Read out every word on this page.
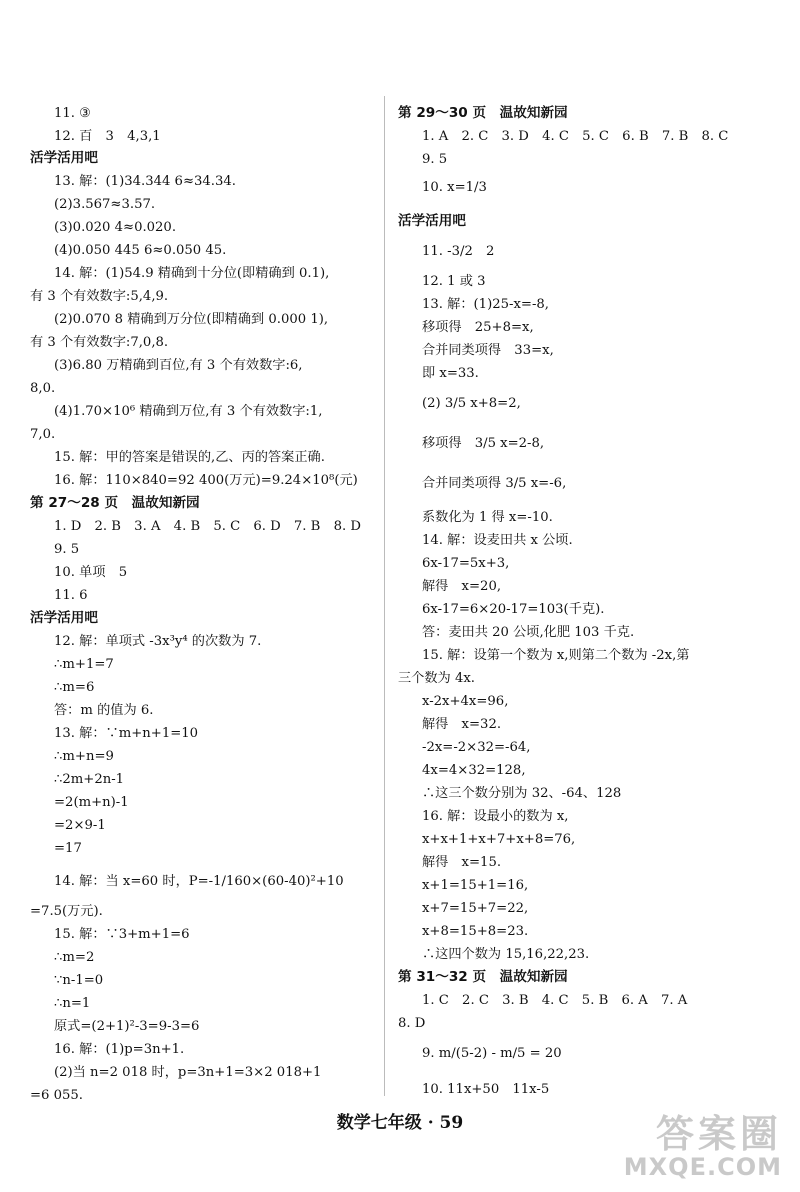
11. ③
12. 百　3　4,3,1
活学活用吧
13. 解：(1)34.344 6≈34.34.
(2)3.567≈3.57.
(3)0.020 4≈0.020.
(4)0.050 445 6≈0.050 45.
14. 解：(1)54.9 精确到十分位(即精确到 0.1),
有 3 个有效数字:5,4,9.
(2)0.070 8 精确到万分位(即精确到 0.000 1),
有 3 个有效数字:7,0,8.
(3)6.80 万精确到百位,有 3 个有效数字:6,
8,0.
(4)1.70×10⁶ 精确到万位,有 3 个有效数字:1,
7,0.
15. 解：甲的答案是错误的,乙、丙的答案正确.
16. 解：110×840=92 400(万元)=9.24×10⁸(元)
第 27～28 页　温故知新园
1. D　2. B　3. A　4. B　5. C　6. D　7. B　8. D
9. 5
10. 单项　5
11. 6
活学活用吧
12. 解：单项式 -3x³y⁴ 的次数为 7.
∴m+1=7
∴m=6
答：m 的值为 6.
13. 解：∵m+n+1=10
∴m+n=9
∴2m+2n-1
=2(m+n)-1
=2×9-1
=17
14. 解：当 x=60 时，P=-1/160×(60-40)²+10
=7.5(万元).
15. 解：∵3+m+1=6
∴m=2
∵n-1=0
∴n=1
原式=(2+1)²-3=9-3=6
16. 解：(1)p=3n+1.
(2)当 n=2 018 时，p=3n+1=3×2 018+1
=6 055.
第 29～30 页　温故知新园
1. A　2. C　3. D　4. C　5. C　6. B　7. B　8. C
9. 5
10. x=1/3
活学活用吧
11. -3/2　2
12. 1 或 3
13. 解：(1)25-x=-8,
移项得　25+8=x,
合并同类项得　33=x,
即 x=33.
(2) 3/5 x+8=2,
移项得　3/5 x=2-8,
合并同类项得 3/5 x=-6,
系数化为 1 得 x=-10.
14. 解：设麦田共 x 公顷.
6x-17=5x+3,
解得　x=20,
6x-17=6×20-17=103(千克).
答：麦田共 20 公顷,化肥 103 千克.
15. 解：设第一个数为 x,则第二个数为 -2x,第
三个数为 4x.
x-2x+4x=96,
解得　x=32.
-2x=-2×32=-64,
4x=4×32=128,
∴这三个数分别为 32、-64、128
16. 解：设最小的数为 x,
x+x+1+x+7+x+8=76,
解得　x=15.
x+1=15+1=16,
x+7=15+7=22,
x+8=15+8=23.
∴这四个数为 15,16,22,23.
第 31～32 页　温故知新园
1. C　2. C　3. B　4. C　5. B　6. A　7. A
8. D
9. m/(5-2) - m/5 = 20
10. 11x+50　11x-5
数学七年级 · 59	答案圈
MXQE.COM
